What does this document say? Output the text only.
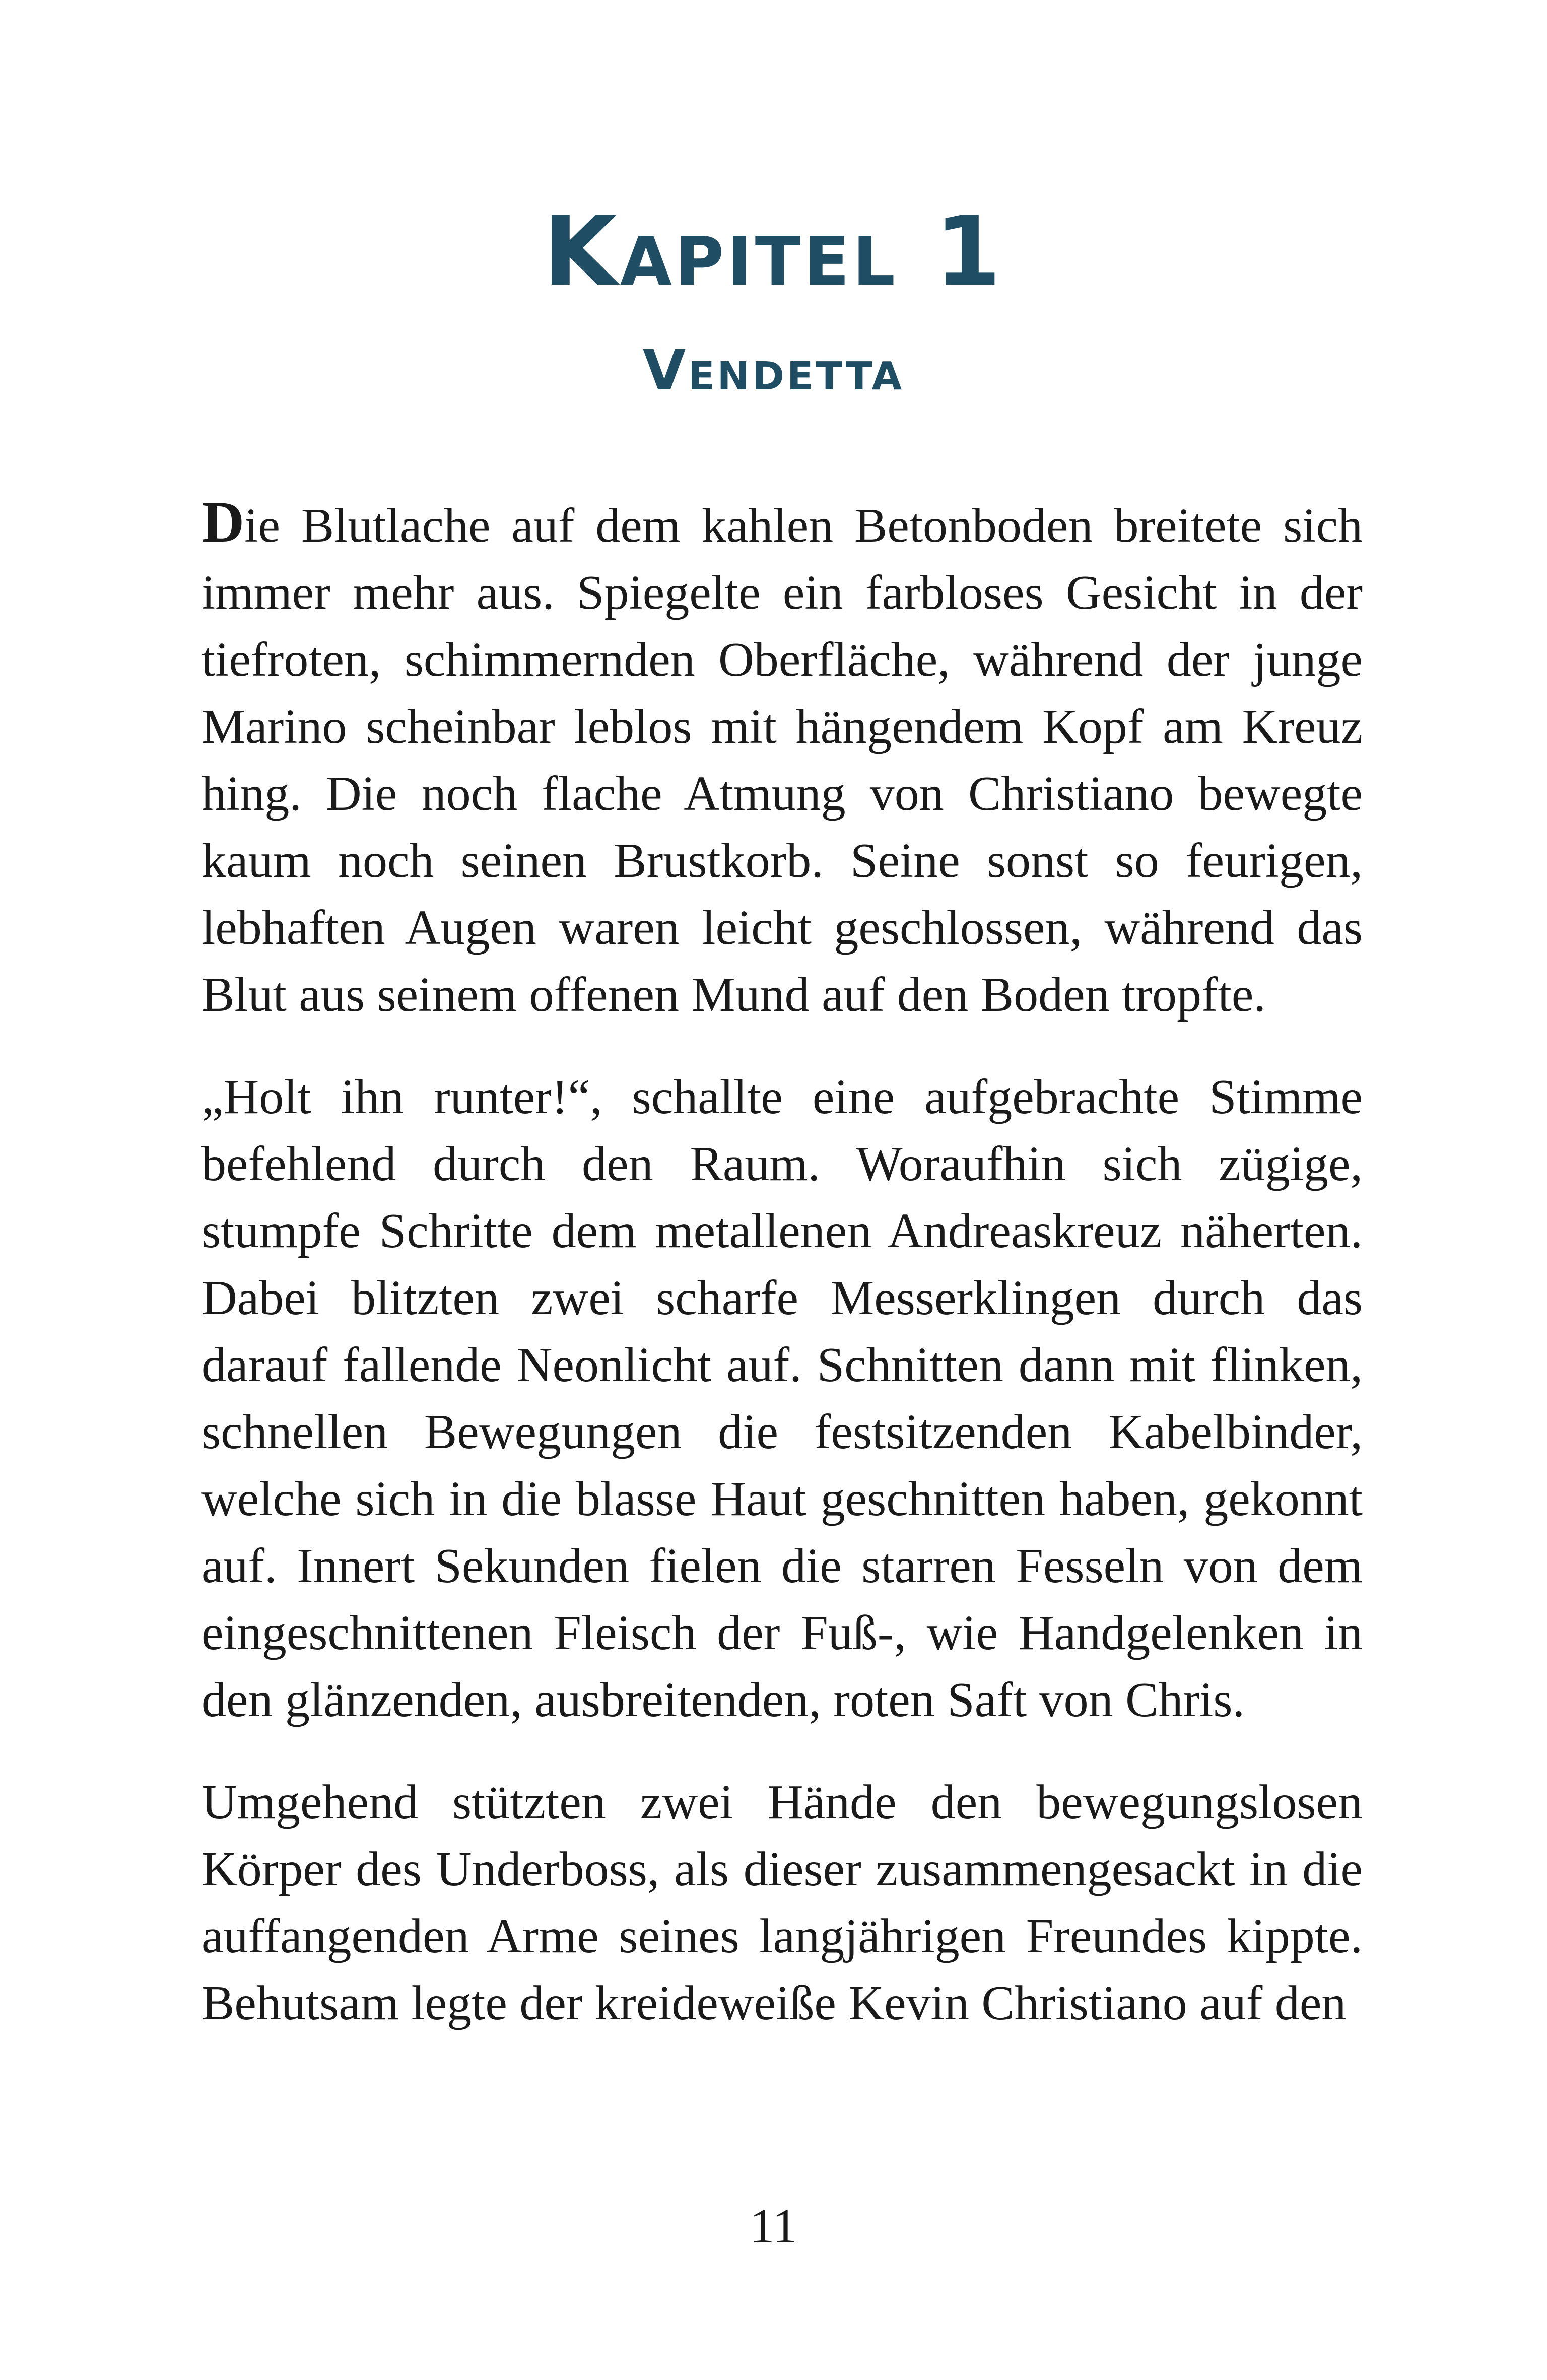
Kapitel 1
Vendetta

Die Blutlache auf dem kahlen Betonboden breitete sich immer mehr aus. Spiegelte ein farbloses Gesicht in der tiefroten, schimmernden Oberfläche, während der junge Marino scheinbar leblos mit hängendem Kopf am Kreuz hing. Die noch flache Atmung von Christiano bewegte kaum noch seinen Brustkorb. Seine sonst so feurigen, lebhaften Augen waren leicht geschlossen, während das Blut aus seinem offenen Mund auf den Boden tropfte.

„Holt ihn runter!“, schallte eine aufgebrachte Stimme befehlend durch den Raum. Woraufhin sich zügige, stumpfe Schritte dem metallenen Andreaskreuz näherten. Dabei blitzten zwei scharfe Messerklingen durch das darauf fallende Neonlicht auf. Schnitten dann mit flinken, schnellen Bewegungen die festsitzenden Kabelbinder, welche sich in die blasse Haut geschnitten haben, gekonnt auf. Innert Sekunden fielen die starren Fesseln von dem eingeschnittenen Fleisch der Fuß-, wie Handgelenken in den glänzenden, ausbreitenden, roten Saft von Chris.

Umgehend stützten zwei Hände den bewegungslosen Körper des Underboss, als dieser zusammengesackt in die auffangenden Arme seines langjährigen Freundes kippte. Behutsam legte der kreideweiße Kevin Christiano auf den

11
